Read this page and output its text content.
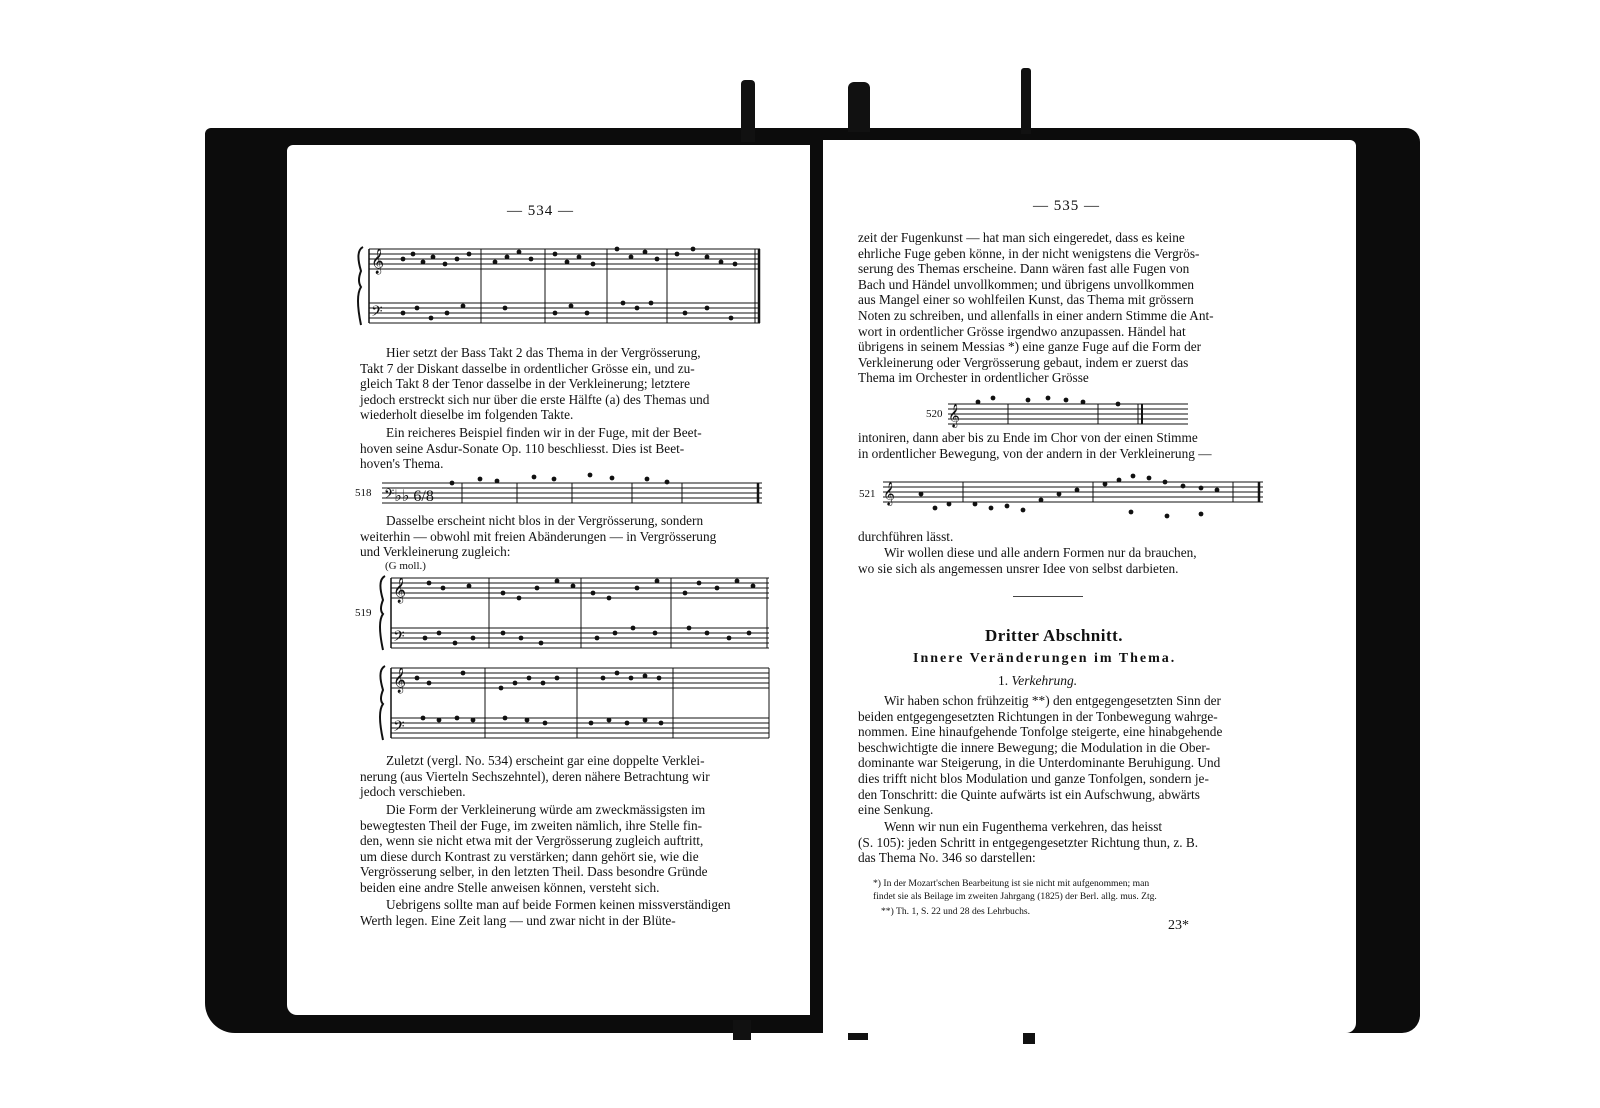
— 534 —
𝄞
𝄢

Hier setzt der Bass Takt 2 das Thema in der Vergrösserung,
Takt 7 der Diskant dasselbe in ordentlicher Grösse ein, und zu-
gleich Takt 8 der Tenor dasselbe in der Verkleinerung; letztere
jedoch erstreckt sich nur über die erste Hälfte (a) des Themas und
wiederholt dieselbe im folgenden Takte.

Ein reicheres Beispiel finden wir in der Fuge, mit der Beet-
hoven seine Asdur-Sonate Op. 110 beschliesst. Dies ist Beet-
hoven's Thema.

518 𝄢♭♭ 6/8

Dasselbe erscheint nicht blos in der Vergrösserung, sondern
weiterhin — obwohl mit freien Abänderungen — in Vergrösserung
und Verkleinerung zugleich:

(G moll.)
519
𝄞
𝄢
𝄞
𝄢

Zuletzt (vergl. No. 534) erscheint gar eine doppelte Verklei-
nerung (aus Vierteln Sechszehntel), deren nähere Betrachtung wir
jedoch verschieben.

Die Form der Verkleinerung würde am zweckmässigsten im
bewegtesten Theil der Fuge, im zweiten nämlich, ihre Stelle fin-
den, wenn sie nicht etwa mit der Vergrösserung zugleich auftritt,
um diese durch Kontrast zu verstärken; dann gehört sie, wie die
Vergrösserung selber, in den letzten Theil. Dass besondre Gründe
beiden eine andre Stelle anweisen können, versteht sich.

Uebrigens sollte man auf beide Formen keinen missverständigen
Werth legen. Eine Zeit lang — und zwar nicht in der Blüte-

— 535 —

zeit der Fugenkunst — hat man sich eingeredet, dass es keine
ehrliche Fuge geben könne, in der nicht wenigstens die Vergrös-
serung des Themas erscheine. Dann wären fast alle Fugen von
Bach und Händel unvollkommen; und übrigens unvollkommen
aus Mangel einer so wohlfeilen Kunst, das Thema mit grössern
Noten zu schreiben, und allenfalls in einer andern Stimme die Ant-
wort in ordentlicher Grösse irgendwo anzupassen. Händel hat
übrigens in seinem Messias *) eine ganze Fuge auf die Form der
Verkleinerung oder Vergrösserung gebaut, indem er zuerst das
Thema im Orchester in ordentlicher Grösse

520 𝄞

intoniren, dann aber bis zu Ende im Chor von der einen Stimme
in ordentlicher Bewegung, von der andern in der Verkleinerung —

521 𝄞

durchführen lässt.

Wir wollen diese und alle andern Formen nur da brauchen,
wo sie sich als angemessen unsrer Idee von selbst darbieten.

Dritter Abschnitt.
Innere Veränderungen im Thema.
1. Verkehrung.

Wir haben schon frühzeitig **) den entgegengesetzten Sinn der
beiden entgegengesetzten Richtungen in der Tonbewegung wahrge-
nommen. Eine hinaufgehende Tonfolge steigerte, eine hinabgehende
beschwichtigte die innere Bewegung; die Modulation in die Ober-
dominante war Steigerung, in die Unterdominante Beruhigung. Und
dies trifft nicht blos Modulation und ganze Tonfolgen, sondern je-
den Tonschritt: die Quinte aufwärts ist ein Aufschwung, abwärts
eine Senkung.

Wenn wir nun ein Fugenthema verkehren, das heisst
(S. 105): jeden Schritt in entgegengesetzter Richtung thun, z. B.
das Thema No. 346 so darstellen:

*) In der Mozart'schen Bearbeitung ist sie nicht mit aufgenommen; man
findet sie als Beilage im zweiten Jahrgang (1825) der Berl. allg. mus. Ztg.

**) Th. 1, S. 22 und 28 des Lehrbuchs.

23*
